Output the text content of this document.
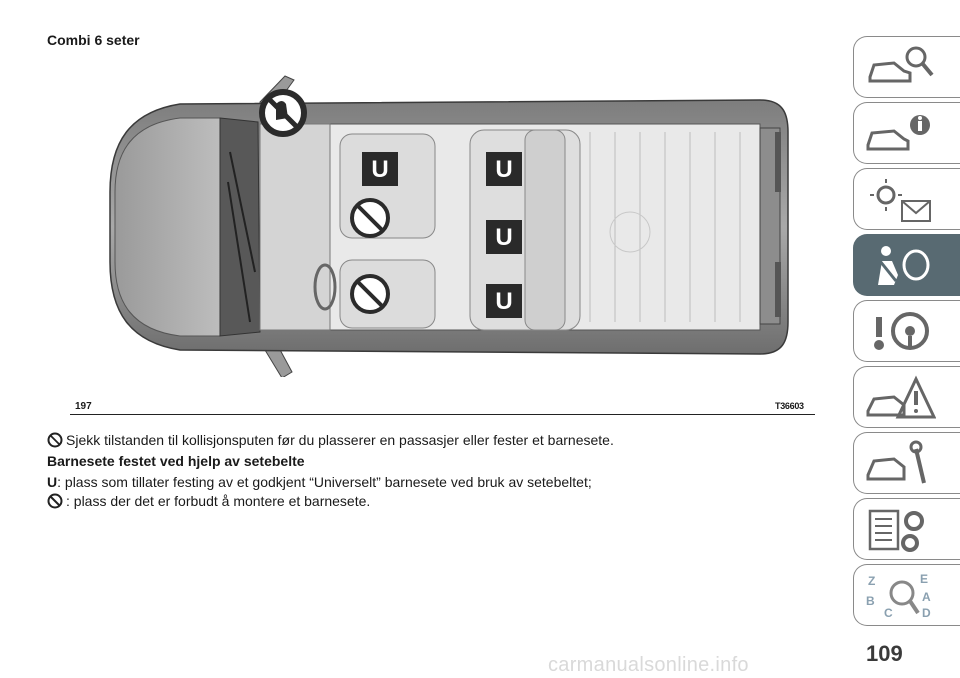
Combi 6 seter
U	U
U
U
197	T36603
Sjekk tilstanden til kollisjonsputen før du plasserer en passasjer eller fester et barnesete.
Barnesete festet ved hjelp av setebelte
U: plass som tillater festing av et godkjent “Universelt” barnesete ved bruk av setebeltet;
: plass der det er forbudt å montere et barnesete.
Z	E
B	A
C D
109
carmanualsonline.info
